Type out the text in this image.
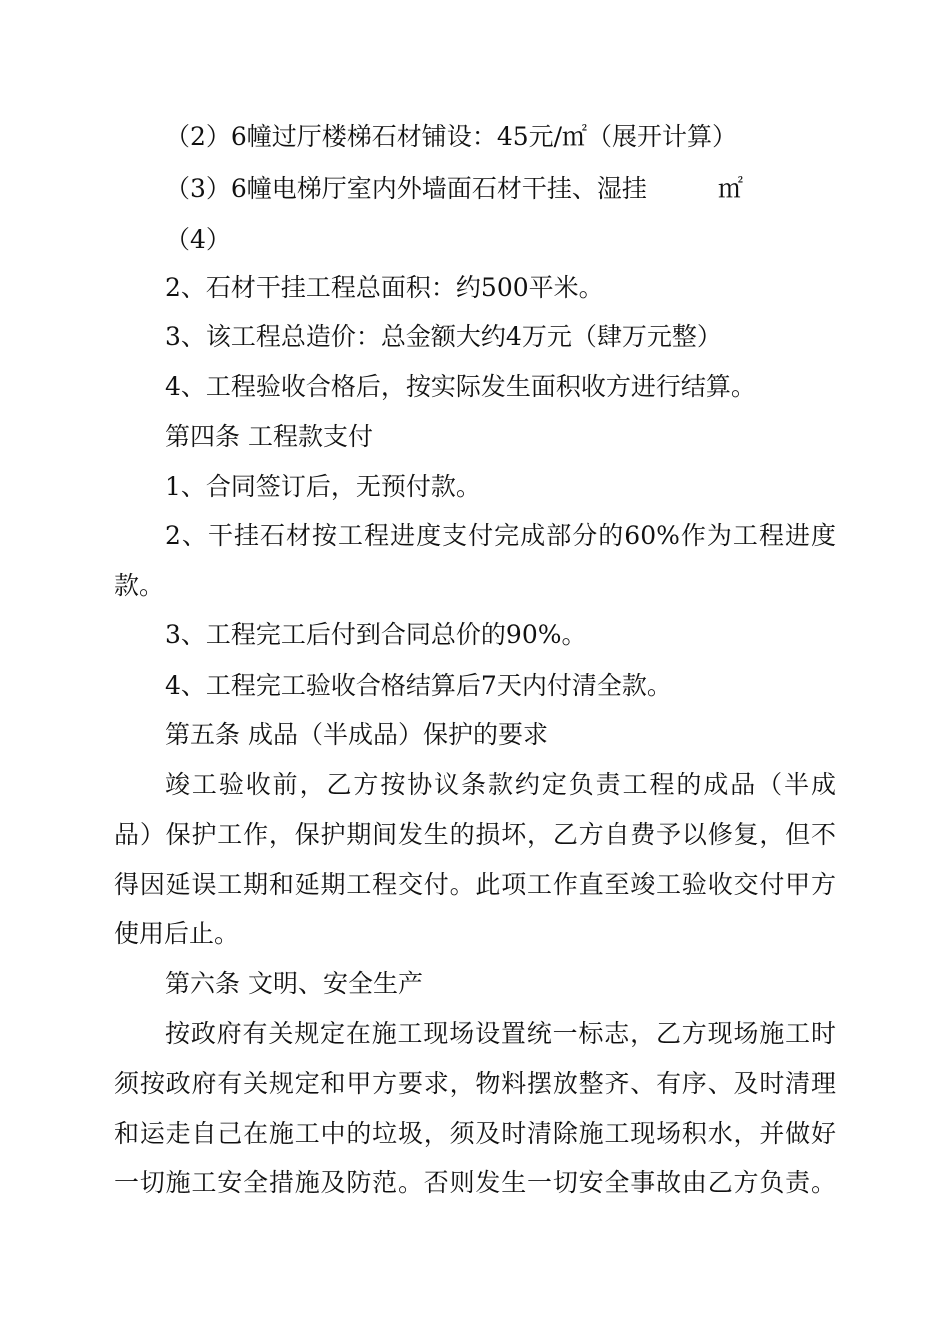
（2）6幢过厅楼梯石材铺设：45元/㎡（展开计算）
（3）6幢电梯厅室内外墙面石材干挂、湿挂	㎡
（4）
2、石材干挂工程总面积：约500平米。
3、该工程总造价：总金额大约4万元（肆万元整）
4、工程验收合格后，按实际发生面积收方进行结算。
第四条 工程款支付
1、合同签订后，无预付款。
2、干挂石材按工程进度支付完成部分的60%作为工程进度
款。
3、工程完工后付到合同总价的90%。
4、工程完工验收合格结算后7天内付清全款。
第五条 成品（半成品）保护的要求
竣工验收前，乙方按协议条款约定负责工程的成品（半成
品）保护工作，保护期间发生的损坏，乙方自费予以修复，但不
得因延误工期和延期工程交付。此项工作直至竣工验收交付甲方
使用后止。
第六条 文明、安全生产
按政府有关规定在施工现场设置统一标志，乙方现场施工时
须按政府有关规定和甲方要求，物料摆放整齐、有序、及时清理
和运走自己在施工中的垃圾，须及时清除施工现场积水，并做好
一切施工安全措施及防范。否则发生一切安全事故由乙方负责。
